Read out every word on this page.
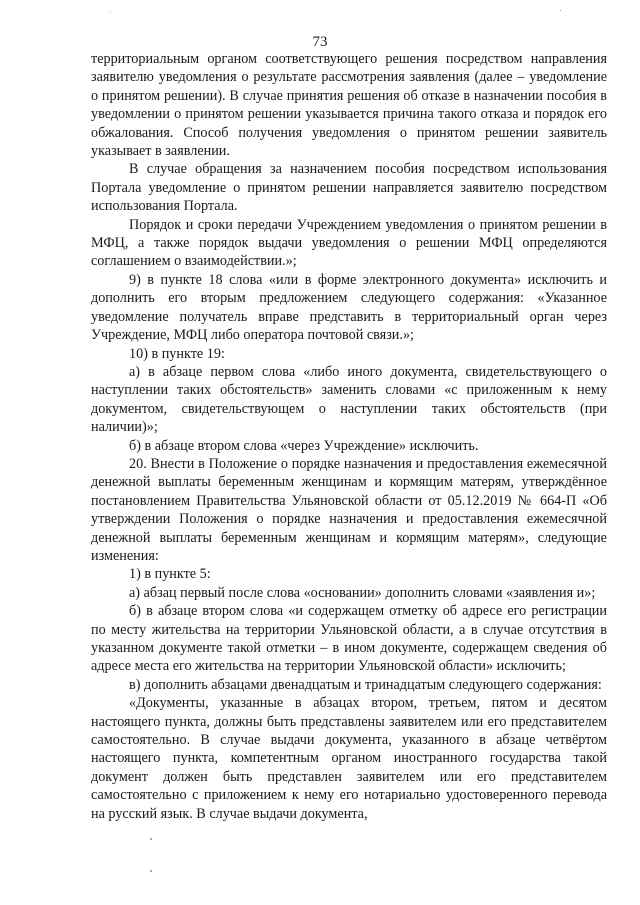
73

территориальным органом соответствующего решения посредством направления заявителю уведомления о результате рассмотрения заявления (далее – уведомление о принятом решении). В случае принятия решения об отказе в назначении пособия в уведомлении о принятом решении указывается причина такого отказа и порядок его обжалования. Способ получения уведомления о принятом решении заявитель указывает в заявлении.

В случае обращения за назначением пособия посредством использования Портала уведомление о принятом решении направляется заявителю посредством использования Портала.

Порядок и сроки передачи Учреждением уведомления о принятом решении в МФЦ, а также порядок выдачи уведомления о решении МФЦ определяются соглашением о взаимодействии.»;

9) в пункте 18 слова «или в форме электронного документа» исключить и дополнить его вторым предложением следующего содержания: «Указанное уведомление получатель вправе представить в территориальный орган через Учреждение, МФЦ либо оператора почтовой связи.»;

10) в пункте 19:

а) в абзаце первом слова «либо иного документа, свидетельствующего о наступлении таких обстоятельств» заменить словами «с приложенным к нему документом, свидетельствующем о наступлении таких обстоятельств (при наличии)»;

б) в абзаце втором слова «через Учреждение» исключить.

20. Внести в Положение о порядке назначения и предоставления ежемесячной денежной выплаты беременным женщинам и кормящим матерям, утверждённое постановлением Правительства Ульяновской области от 05.12.2019 № 664-П «Об утверждении Положения о порядке назначения и предоставления ежемесячной денежной выплаты беременным женщинам и кормящим матерям», следующие изменения:

1) в пункте 5:

а) абзац первый после слова «основании» дополнить словами «заявления и»;

б) в абзаце втором слова «и содержащем отметку об адресе его регистрации по месту жительства на территории Ульяновской области, а в случае отсутствия в указанном документе такой отметки – в ином документе, содержащем сведения об адресе места его жительства на территории Ульяновской области» исключить;

в) дополнить абзацами двенадцатым и тринадцатым следующего содержания:

«Документы, указанные в абзацах втором, третьем, пятом и десятом настоящего пункта, должны быть представлены заявителем или его представителем самостоятельно. В случае выдачи документа, указанного в абзаце четвёртом настоящего пункта, компетентным органом иностранного государства такой документ должен быть представлен заявителем или его представителем самостоятельно с приложением к нему его нотариально удостоверенного перевода на русский язык. В случае выдачи документа,
